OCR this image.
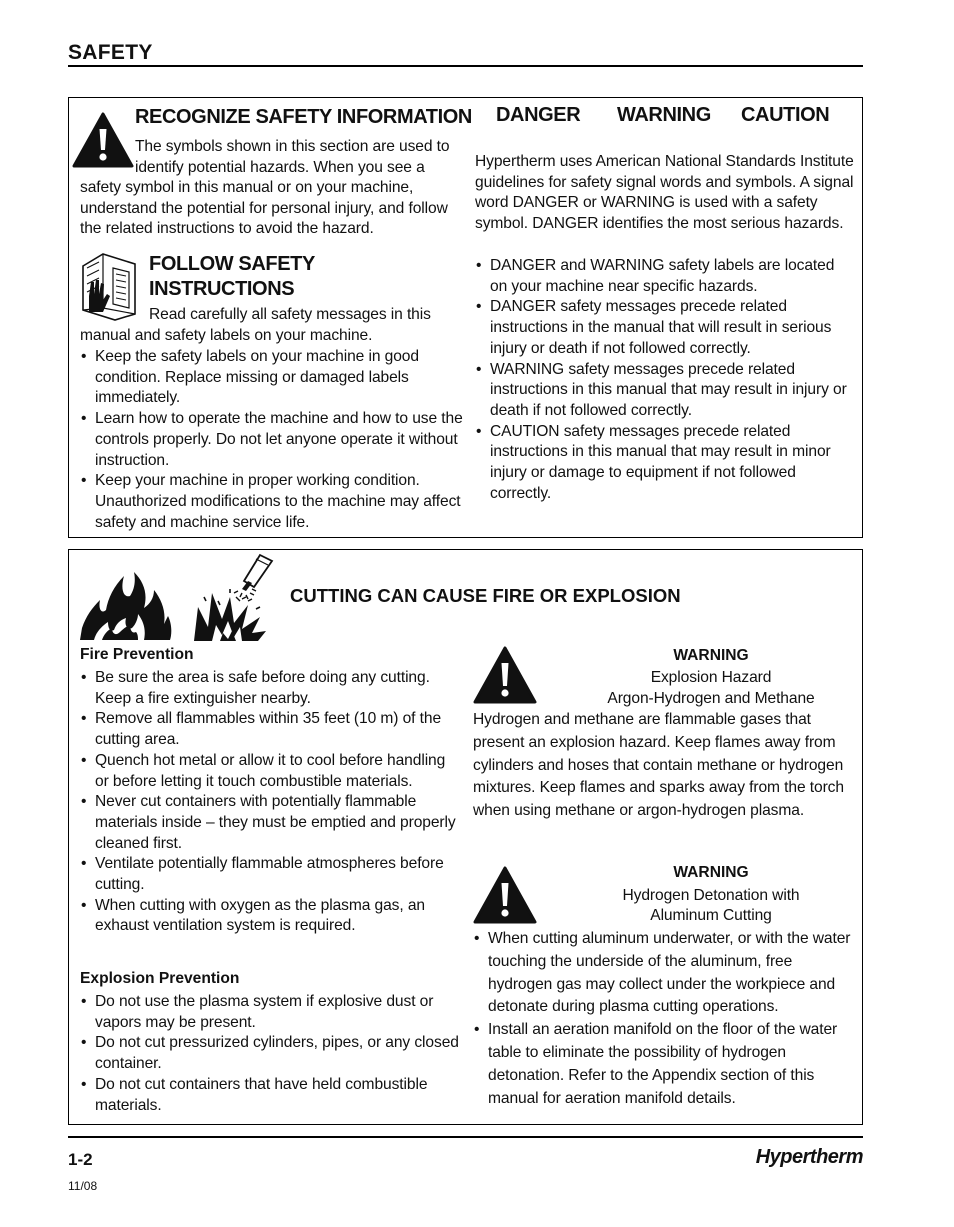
SAFETY
RECOGNIZE SAFETY INFORMATION
The symbols shown in this section are used to identify potential hazards. When you see a
safety symbol in this manual or on your machine, understand the potential for personal injury, and follow the related instructions to avoid the hazard.
FOLLOW SAFETY
INSTRUCTIONS
Read carefully all safety messages in this
manual and safety labels on your machine.
• Keep the safety labels on your machine in good condition. Replace missing or damaged labels immediately.
• Learn how to operate the machine and how to use the controls properly. Do not let anyone operate it without instruction.
• Keep your machine in proper working condition. Unauthorized modifications to the machine may affect safety and machine service life.
DANGER WARNING CAUTION
Hypertherm uses American National Standards Institute guidelines for safety signal words and symbols. A signal word DANGER or WARNING is used with a safety symbol. DANGER identifies the most serious hazards.
• DANGER and WARNING safety labels are located on your machine near specific hazards.
• DANGER safety messages precede related instructions in the manual that will result in serious injury or death if not followed correctly.
• WARNING safety messages precede related instructions in this manual that may result in injury or death if not followed correctly.
• CAUTION safety messages precede related instructions in this manual that may result in minor injury or damage to equipment if not followed correctly.
CUTTING CAN CAUSE FIRE OR EXPLOSION
Fire Prevention
• Be sure the area is safe before doing any cutting. Keep a fire extinguisher nearby.
• Remove all flammables within 35 feet (10 m) of the cutting area.
• Quench hot metal or allow it to cool before handling or before letting it touch combustible materials.
• Never cut containers with potentially flammable materials inside – they must be emptied and properly cleaned first.
• Ventilate potentially flammable atmospheres before cutting.
• When cutting with oxygen as the plasma gas, an exhaust ventilation system is required.
Explosion Prevention
• Do not use the plasma system if explosive dust or vapors may be present.
• Do not cut pressurized cylinders, pipes, or any closed container.
• Do not cut containers that have held combustible materials.
WARNING
Explosion Hazard
Argon-Hydrogen and Methane
Hydrogen and methane are flammable gases that present an explosion hazard. Keep flames away from cylinders and hoses that contain methane or hydrogen mixtures. Keep flames and sparks away from the torch when using methane or argon-hydrogen plasma.
WARNING
Hydrogen Detonation with
Aluminum Cutting
• When cutting aluminum underwater, or with the water touching the underside of the aluminum, free hydrogen gas may collect under the workpiece and detonate during plasma cutting operations.
• Install an aeration manifold on the floor of the water table to eliminate the possibility of hydrogen detonation. Refer to the Appendix section of this manual for aeration manifold details.
1-2	Hypertherm
11/08
